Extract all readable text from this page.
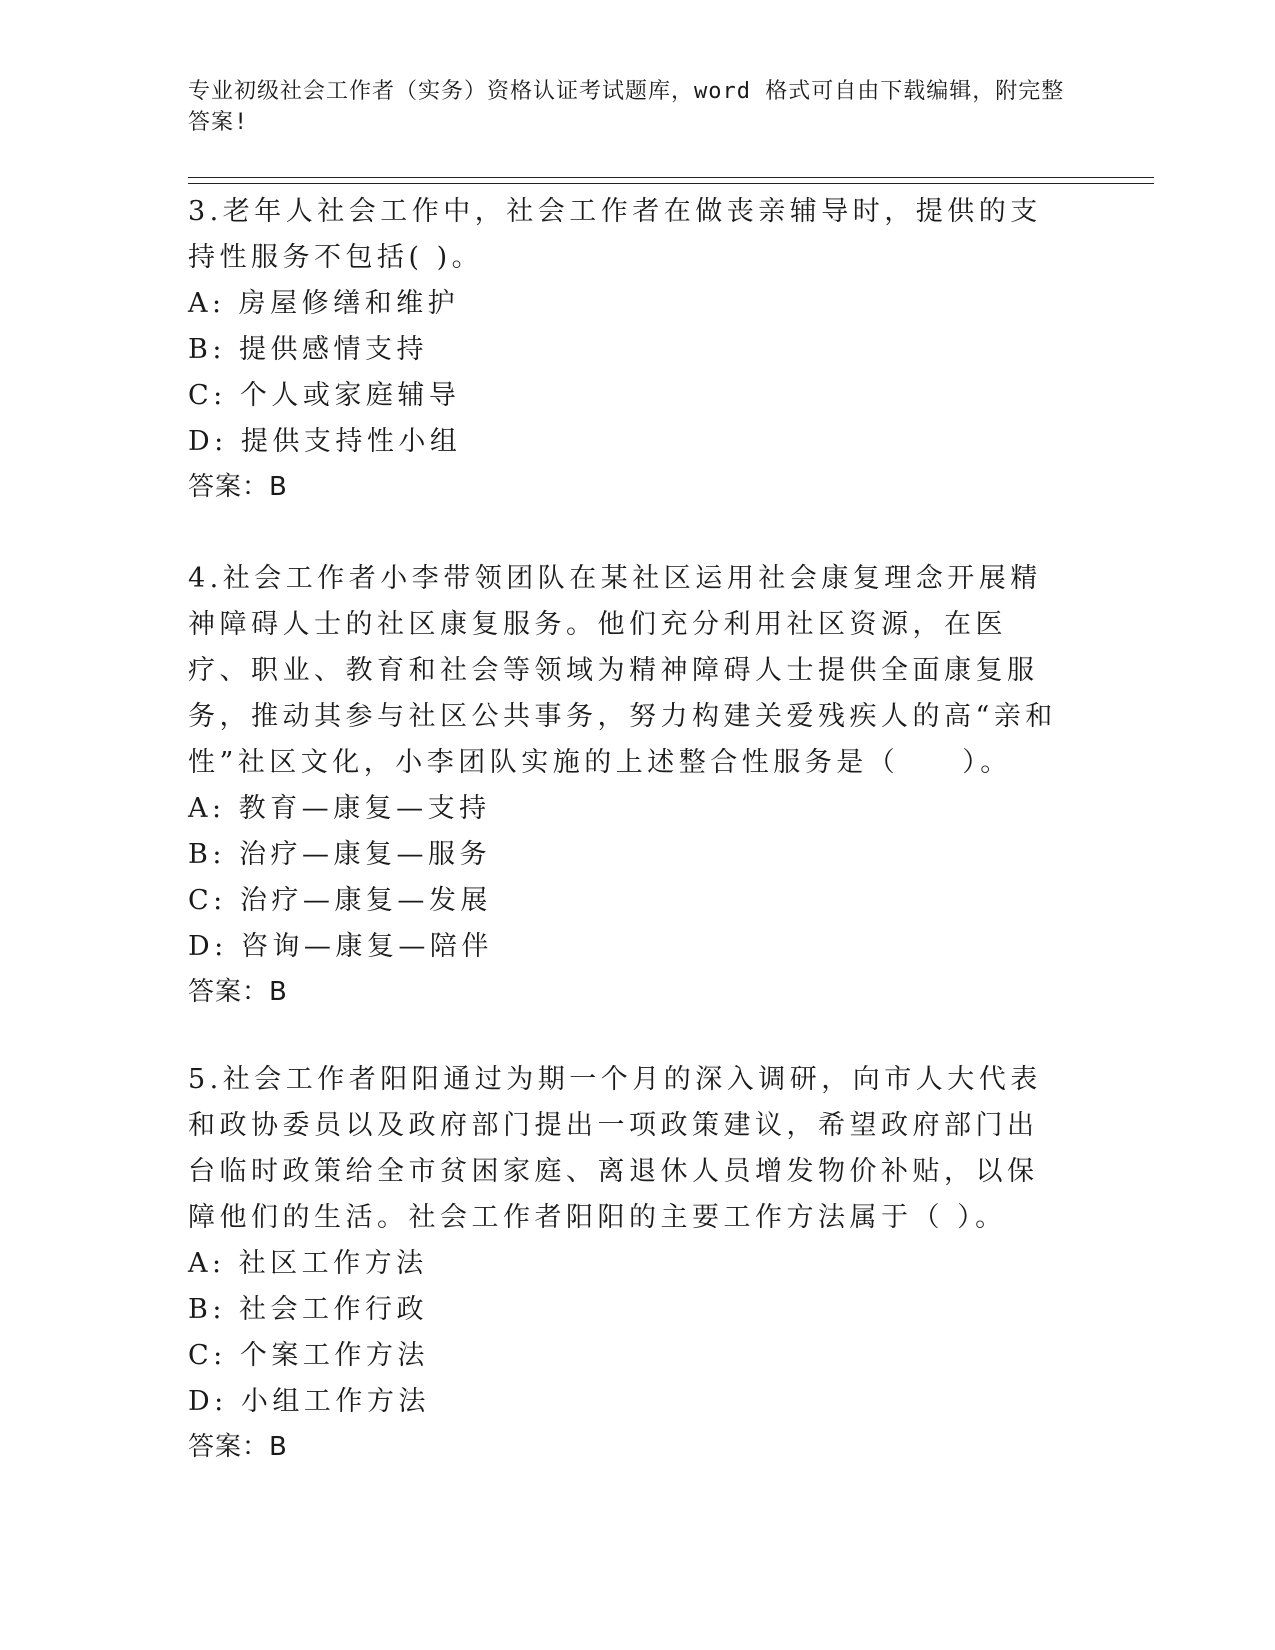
专业初级社会工作者（实务）资格认证考试题库，word 格式可自由下载编辑，附完整答案!
3.老年人社会工作中，社会工作者在做丧亲辅导时，提供的支持性服务不包括( )。
A: 房屋修缮和维护
B: 提供感情支持
C: 个人或家庭辅导
D: 提供支持性小组
答案：B
4.社会工作者小李带领团队在某社区运用社会康复理念开展精神障碍人士的社区康复服务。他们充分利用社区资源，在医疗、职业、教育和社会等领域为精神障碍人士提供全面康复服务，推动其参与社区公共事务，努力构建关爱残疾人的高“亲和性”社区文化，小李团队实施的上述整合性服务是（　　）。
A: 教育—康复—支持
B: 治疗—康复—服务
C: 治疗—康复—发展
D: 咨询—康复—陪伴
答案：B
5.社会工作者阳阳通过为期一个月的深入调研，向市人大代表和政协委员以及政府部门提出一项政策建议，希望政府部门出台临时政策给全市贫困家庭、离退休人员增发物价补贴，以保障他们的生活。社会工作者阳阳的主要工作方法属于（ ）。
A: 社区工作方法
B: 社会工作行政
C: 个案工作方法
D: 小组工作方法
答案：B
